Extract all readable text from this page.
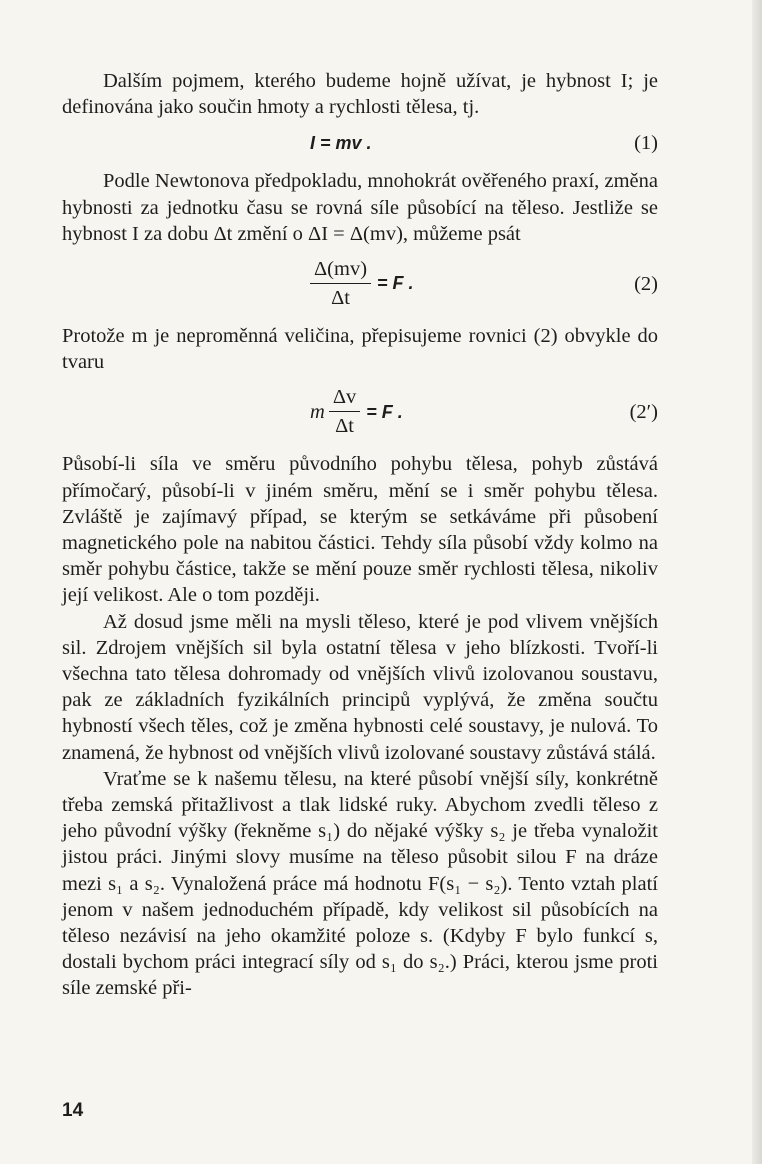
Dalším pojmem, kterého budeme hojně užívat, je hybnost I; je definována jako součin hmoty a rychlosti tělesa, tj.

I = mv .	(1)

Podle Newtonova předpokladu, mnohokrát ověřeného praxí, změna hybnosti za jednotku času se rovná síle působící na těleso. Jestliže se hybnost I za dobu Δt změní o ΔI = Δ(mv), můžeme psát

$\frac{\Delta(mv)}{\Delta t} = F$ .	(2)

Protože m je neproměnná veličina, přepisujeme rovnici (2) obvykle do tvaru

m $\frac{\Delta v}{\Delta t} = F$ .	(2′)

Působí-li síla ve směru původního pohybu tělesa, pohyb zůstává přímočarý, působí-li v jiném směru, mění se i směr pohybu tělesa. Zvláště je zajímavý případ, se kterým se setkáváme při působení magnetického pole na nabitou částici. Tehdy síla působí vždy kolmo na směr pohybu částice, takže se mění pouze směr rychlosti tělesa, nikoliv její velikost. Ale o tom později.

Až dosud jsme měli na mysli těleso, které je pod vlivem vnějších sil. Zdrojem vnějších sil byla ostatní tělesa v jeho blízkosti. Tvoří-li všechna tato tělesa dohromady od vnějších vlivů izolovanou soustavu, pak ze základních fyzikálních principů vyplývá, že změna součtu hybností všech těles, což je změna hybnosti celé soustavy, je nulová. To znamená, že hybnost od vnějších vlivů izolované soustavy zůstává stálá.

Vraťme se k našemu tělesu, na které působí vnější síly, konkrétně třeba zemská přitažlivost a tlak lidské ruky. Abychom zvedli těleso z jeho původní výšky (řekněme s₁) do nějaké výšky s₂ je třeba vynaložit jistou práci. Jinými slovy musíme na těleso působit silou F na dráze mezi s₁ a s₂. Vynaložená práce má hodnotu F(s₁ − s₂). Tento vztah platí jenom v našem jednoduchém případě, kdy velikost sil působících na těleso nezávisí na jeho okamžité poloze s. (Kdyby F bylo funkcí s, dostali bychom práci integrací síly od s₁ do s₂.) Práci, kterou jsme proti síle zemské při-

14
